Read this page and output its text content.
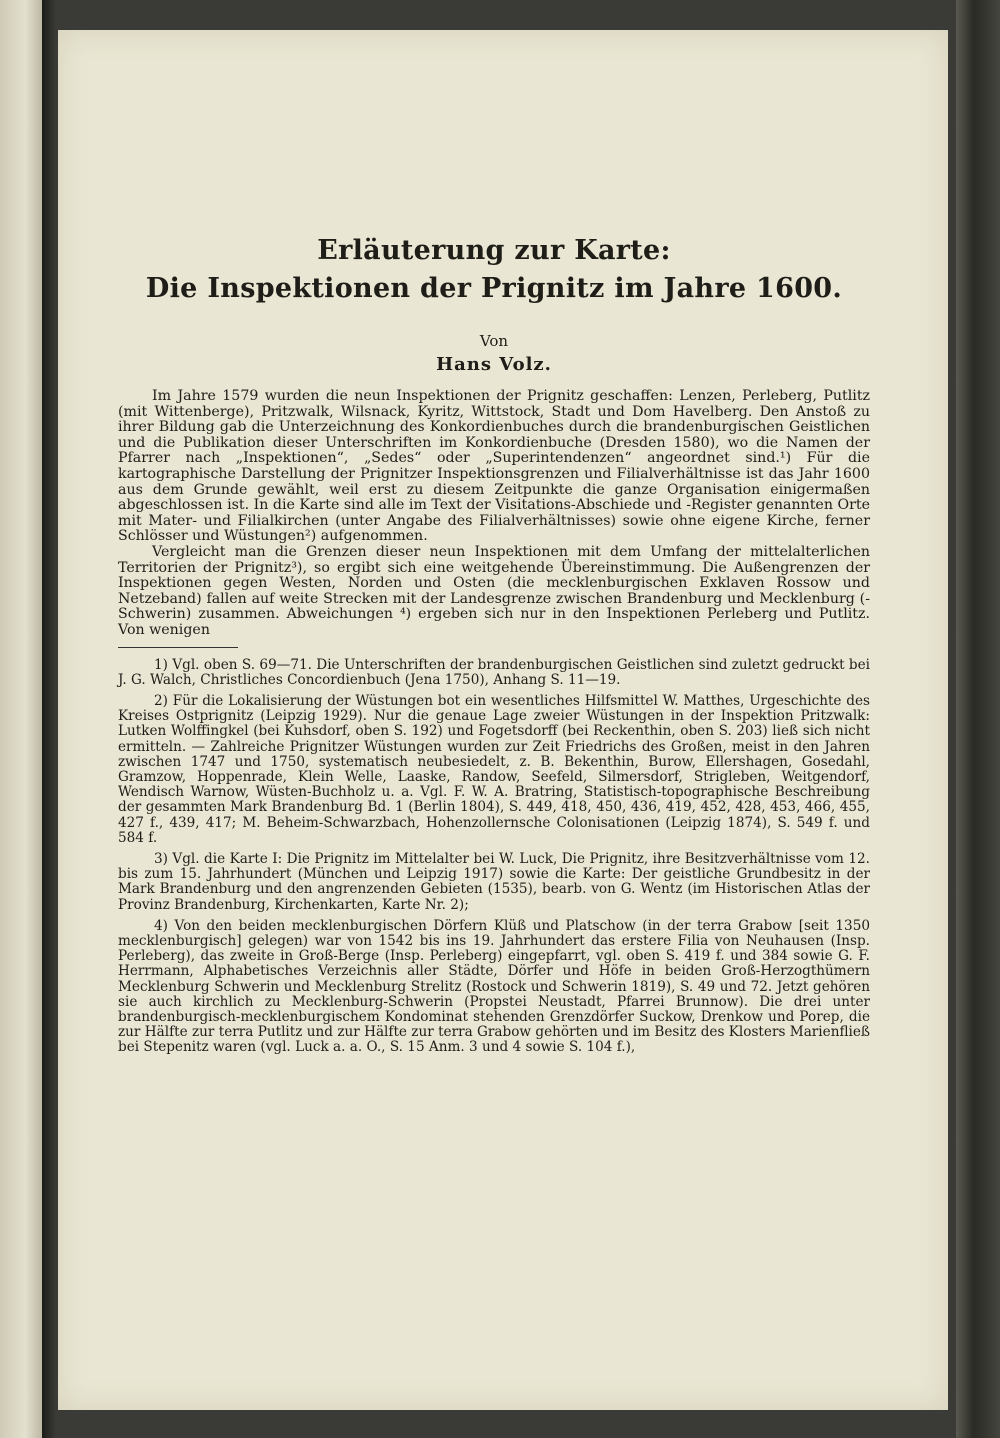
Erläuterung zur Karte:
Die Inspektionen der Prignitz im Jahre 1600.
Von
Hans Volz.

Im Jahre 1579 wurden die neun Inspektionen der Prignitz geschaffen: Lenzen, Perleberg, Putlitz (mit Wittenberge), Pritzwalk, Wilsnack, Kyritz, Wittstock, Stadt und Dom Havelberg. Den Anstoß zu ihrer Bildung gab die Unterzeichnung des Konkordienbuches durch die brandenburgischen Geistlichen und die Publikation dieser Unterschriften im Konkordienbuche (Dresden 1580), wo die Namen der Pfarrer nach „Inspektionen“, „Sedes“ oder „Superintendenzen“ angeordnet sind.¹) Für die kartographische Darstellung der Prignitzer Inspektionsgrenzen und Filialverhältnisse ist das Jahr 1600 aus dem Grunde gewählt, weil erst zu diesem Zeitpunkte die ganze Organisation einigermaßen abgeschlossen ist. In die Karte sind alle im Text der Visitations-Abschiede und -Register genannten Orte mit Mater- und Filialkirchen (unter Angabe des Filialverhältnisses) sowie ohne eigene Kirche, ferner Schlösser und Wüstungen²) aufgenommen.

Vergleicht man die Grenzen dieser neun Inspektionen mit dem Umfang der mittelalterlichen Territorien der Prignitz³), so ergibt sich eine weitgehende Übereinstimmung. Die Außengrenzen der Inspektionen gegen Westen, Norden und Osten (die mecklenburgischen Exklaven Rossow und Netzeband) fallen auf weite Strecken mit der Landesgrenze zwischen Brandenburg und Mecklenburg (-Schwerin) zusammen. Abweichungen ⁴) ergeben sich nur in den Inspektionen Perleberg und Putlitz. Von wenigen

1) Vgl. oben S. 69—71. Die Unterschriften der brandenburgischen Geistlichen sind zuletzt gedruckt bei J. G. Walch, Christliches Concordienbuch (Jena 1750), Anhang S. 11—19.

2) Für die Lokalisierung der Wüstungen bot ein wesentliches Hilfsmittel W. Matthes, Urgeschichte des Kreises Ostprignitz (Leipzig 1929). Nur die genaue Lage zweier Wüstungen in der Inspektion Pritzwalk: Lutken Wolffingkel (bei Kuhsdorf, oben S. 192) und Fogetsdorff (bei Reckenthin, oben S. 203) ließ sich nicht ermitteln. — Zahlreiche Prignitzer Wüstungen wurden zur Zeit Friedrichs des Großen, meist in den Jahren zwischen 1747 und 1750, systematisch neubesiedelt, z. B. Bekenthin, Burow, Ellershagen, Gosedahl, Gramzow, Hoppenrade, Klein Welle, Laaske, Randow, Seefeld, Silmersdorf, Strigleben, Weitgendorf, Wendisch Warnow, Wüsten-Buchholz u. a. Vgl. F. W. A. Bratring, Statistisch-topographische Beschreibung der gesammten Mark Brandenburg Bd. 1 (Berlin 1804), S. 449, 418, 450, 436, 419, 452, 428, 453, 466, 455, 427 f., 439, 417; M. Beheim-Schwarzbach, Hohenzollernsche Colonisationen (Leipzig 1874), S. 549 f. und 584 f.

3) Vgl. die Karte I: Die Prignitz im Mittelalter bei W. Luck, Die Prignitz, ihre Besitzverhältnisse vom 12. bis zum 15. Jahrhundert (München und Leipzig 1917) sowie die Karte: Der geistliche Grundbesitz in der Mark Brandenburg und den angrenzenden Gebieten (1535), bearb. von G. Wentz (im Historischen Atlas der Provinz Brandenburg, Kirchenkarten, Karte Nr. 2);

4) Von den beiden mecklenburgischen Dörfern Klüß und Platschow (in der terra Grabow [seit 1350 mecklenburgisch] gelegen) war von 1542 bis ins 19. Jahrhundert das erstere Filia von Neuhausen (Insp. Perleberg), das zweite in Groß-Berge (Insp. Perleberg) eingepfarrt, vgl. oben S. 419 f. und 384 sowie G. F. Herrmann, Alphabetisches Verzeichnis aller Städte, Dörfer und Höfe in beiden Groß-Herzogthümern Mecklenburg Schwerin und Mecklenburg Strelitz (Rostock und Schwerin 1819), S. 49 und 72. Jetzt gehören sie auch kirchlich zu Mecklenburg-Schwerin (Propstei Neustadt, Pfarrei Brunnow). Die drei unter brandenburgisch-mecklenburgischem Kondominat stehenden Grenzdörfer Suckow, Drenkow und Porep, die zur Hälfte zur terra Putlitz und zur Hälfte zur terra Grabow gehörten und im Besitz des Klosters Marienfließ bei Stepenitz waren (vgl. Luck a. a. O., S. 15 Anm. 3 und 4 sowie S. 104 f.),
